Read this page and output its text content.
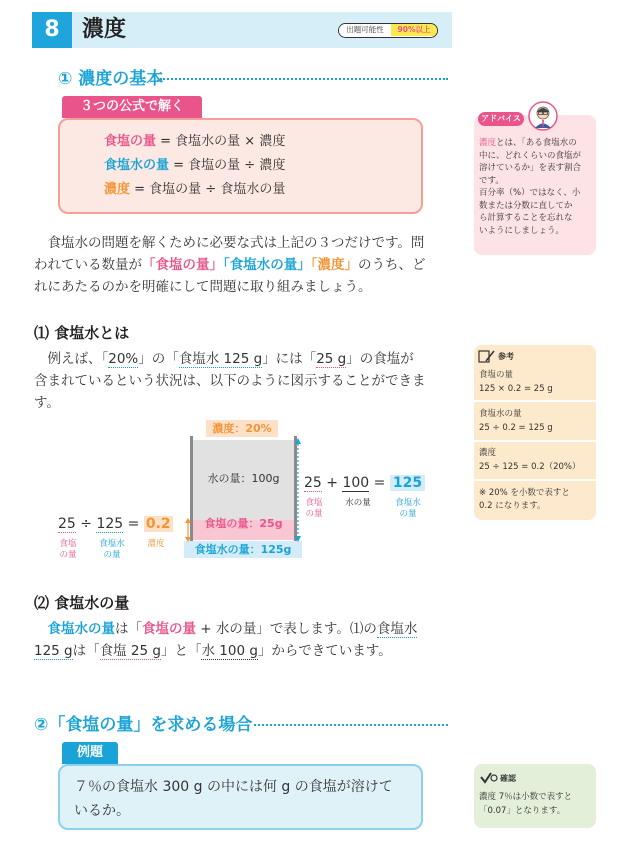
8	濃度	出題可能性	90%以上
① 濃度の基本
３つの公式で解く
食塩の量 = 食塩水の量 × 濃度
食塩水の量 = 食塩の量 ÷ 濃度
濃度 = 食塩の量 ÷ 食塩水の量
　食塩水の問題を解くために必要な式は上記の３つだけです。問
われている数量が「食塩の量」「食塩水の量」「濃度」のうち、ど
れにあたるのかを明確にして問題に取り組みましょう。
⑴ 食塩水とは
　例えば、「20%」の「食塩水 125 g」には「25 g」の食塩が
含まれているという状況は、以下のように図示することができま
す。
濃度：20%
水の量：100g
食塩の量：25g
食塩水の量：125g
25 ÷ 125 = 0.2
食塩
の量
食塩水
の量
濃度
25 + 100 = 125
食塩
の量
水の量	食塩水
の量
⑵ 食塩水の量
　食塩水の量は「食塩の量 + 水の量」で表します。⑴の食塩水
125 gは「食塩 25 g」と「水 100 g」からできています。
②「食塩の量」を求める場合
例題
７％の食塩水 300 g の中には何 g の食塩が溶けて
いるか。
アドバイス
濃度とは、「ある食塩水の
中に、どれくらいの食塩が
溶けているか」を表す割合
です。
百分率（%）ではなく、小
数または分数に直してか
ら計算することを忘れな
いようにしましょう。
参考
食塩の量
125 × 0.2 = 25 g
食塩水の量
25 ÷ 0.2 = 125 g
濃度
25 ÷ 125 = 0.2（20%）
※ 20% を小数で表すと
0.2 になります。
確認
濃度 7％は小数で表すと
「0.07」となります。
